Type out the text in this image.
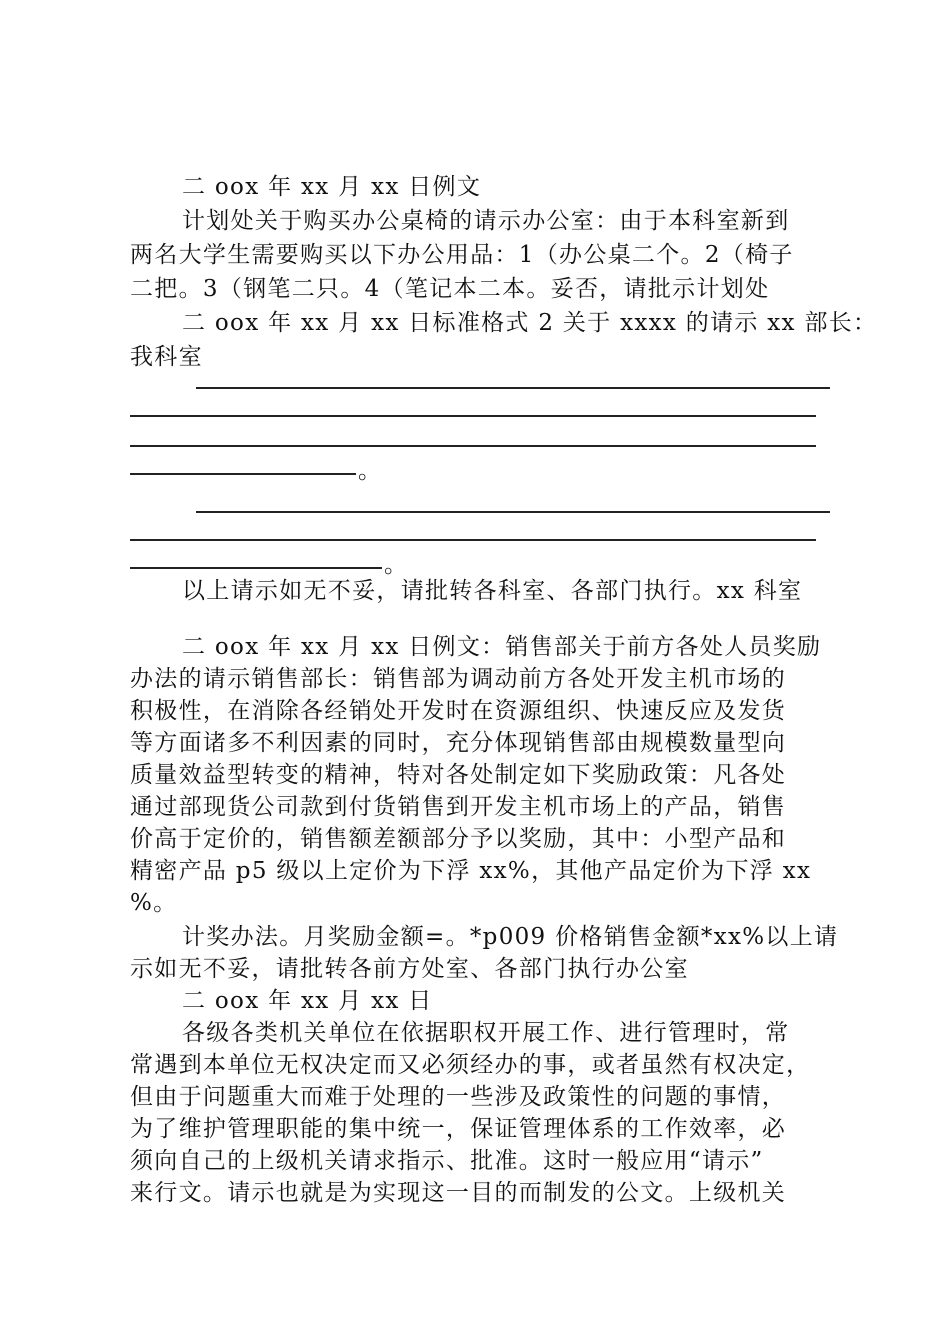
二 oox 年 xx 月 xx 日例文
计划处关于购买办公桌椅的请示办公室：由于本科室新到
两名大学生需要购买以下办公用品：1（办公桌二个。2（椅子
二把。3（钢笔二只。4（笔记本二本。妥否，请批示计划处
二 oox 年 xx 月 xx 日标准格式 2 关于 xxxx 的请示 xx 部长：
我科室
。
。
以上请示如无不妥，请批转各科室、各部门执行。xx 科室
二 oox 年 xx 月 xx 日例文：销售部关于前方各处人员奖励
办法的请示销售部长：销售部为调动前方各处开发主机市场的
积极性，在消除各经销处开发时在资源组织、快速反应及发货
等方面诸多不利因素的同时，充分体现销售部由规模数量型向
质量效益型转变的精神，特对各处制定如下奖励政策：凡各处
通过部现货公司款到付货销售到开发主机市场上的产品，销售
价高于定价的，销售额差额部分予以奖励，其中：小型产品和
精密产品 p5 级以上定价为下浮 xx%，其他产品定价为下浮 xx
%。
计奖办法。月奖励金额=。*p009 价格销售金额*xx%以上请
示如无不妥，请批转各前方处室、各部门执行办公室
二 oox 年 xx 月 xx 日
各级各类机关单位在依据职权开展工作、进行管理时，常
常遇到本单位无权决定而又必须经办的事，或者虽然有权决定，
但由于问题重大而难于处理的一些涉及政策性的问题的事情，
为了维护管理职能的集中统一，保证管理体系的工作效率，必
须向自己的上级机关请求指示、批准。这时一般应用“请示”
来行文。请示也就是为实现这一目的而制发的公文。上级机关
